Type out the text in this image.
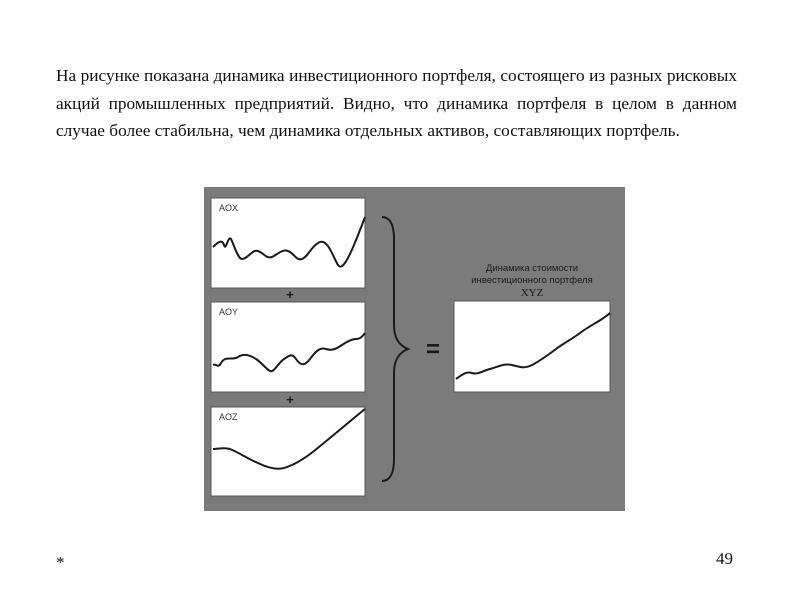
На рисунке показана динамика инвестиционного портфеля, состоящего из разных рисковых акций промышленных предприятий. Видно, что динамика портфеля в целом в данном случае более стабильна, чем динамика отдельных активов, составляющих портфель.

AOX
+
AOY
+
AOZ
=
Динамика стоимости
инвестиционного портфеля
XYZ
*	49
